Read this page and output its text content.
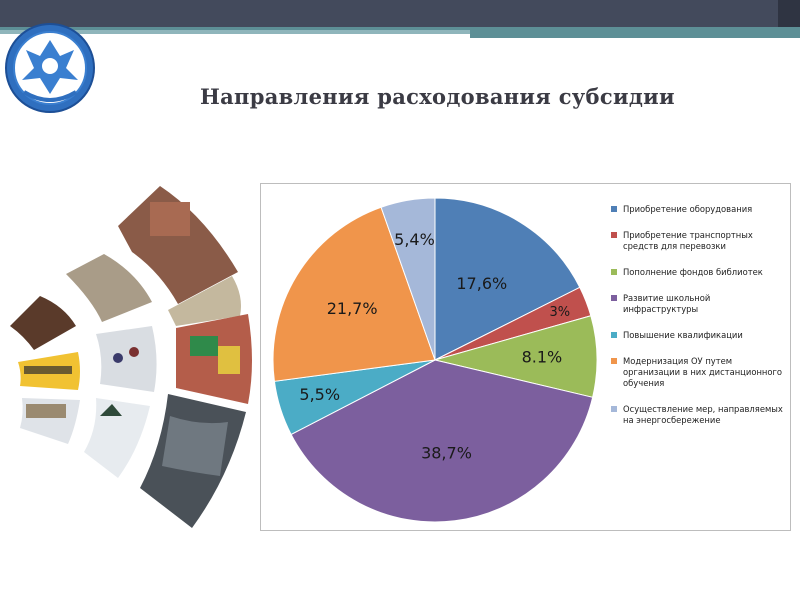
Направления расходования субсидии
17,6%
3%
8.1%
38,7%
5,5%
21,7%
5,4%
Приобретение оборудования
Приобретение транспортных средств для перевозки
Пополнение фондов библиотек
Развитие школьной инфраструктуры
Повышение квалификации
Модернизация ОУ путем организации в них дистанционного обучения
Осуществление мер, направляемых на энергосбережение
